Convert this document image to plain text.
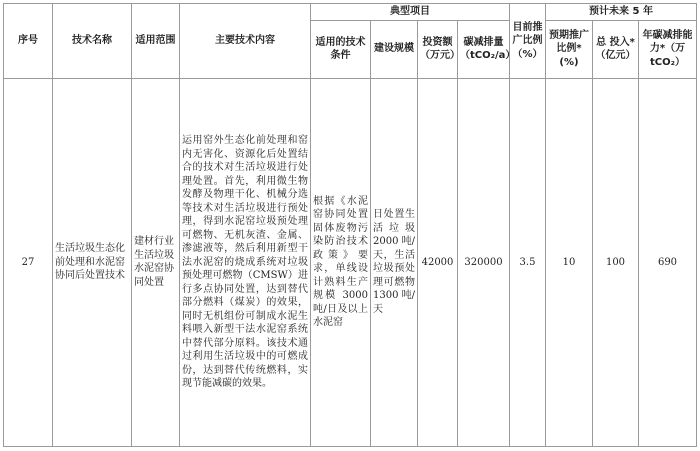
序号	技术名称	适用范围	主要技术内容	典型项目				目前推广比例（%）	预计未来 5 年		
				适用的技术条件	建设规模	投资额（万元）	碳减排量（tCO₂/a）		预期推广比例*(%)	总 投入*（亿元）	年碳减排能力*（万 tCO₂）
27	生活垃圾生态化前处理和水泥窑协同后处置技术	建材行业生活垃圾水泥窑协同处置	运用窑外生态化前处理和窑内无害化、资源化后处置结合的技术对生活垃圾进行处理处置。首先，利用微生物发酵及物理干化、机械分选等技术对生活垃圾进行预处理，得到水泥窑垃圾预处理可燃物、无机灰渣、金属、渗滤液等，然后利用新型干法水泥窑的烧成系统对垃圾预处理可燃物（CMSW）进行多点协同处置，达到替代部分燃料（煤炭）的效果，同时无机组份可制成水泥生料喂入新型干法水泥窑系统中替代部分原料。该技术通过利用生活垃圾中的可燃成份，达到替代传统燃料，实现节能减碳的效果。	根据《水泥窑协同处置固体废物污染防治技术政策》要求，单线设计熟料生产规模 3000 吨/日及以上水泥窑	日处置生活垃圾 2000 吨/天，生活垃圾预处理可燃物 1300 吨/天	42000	320000	3.5	10	100	690
